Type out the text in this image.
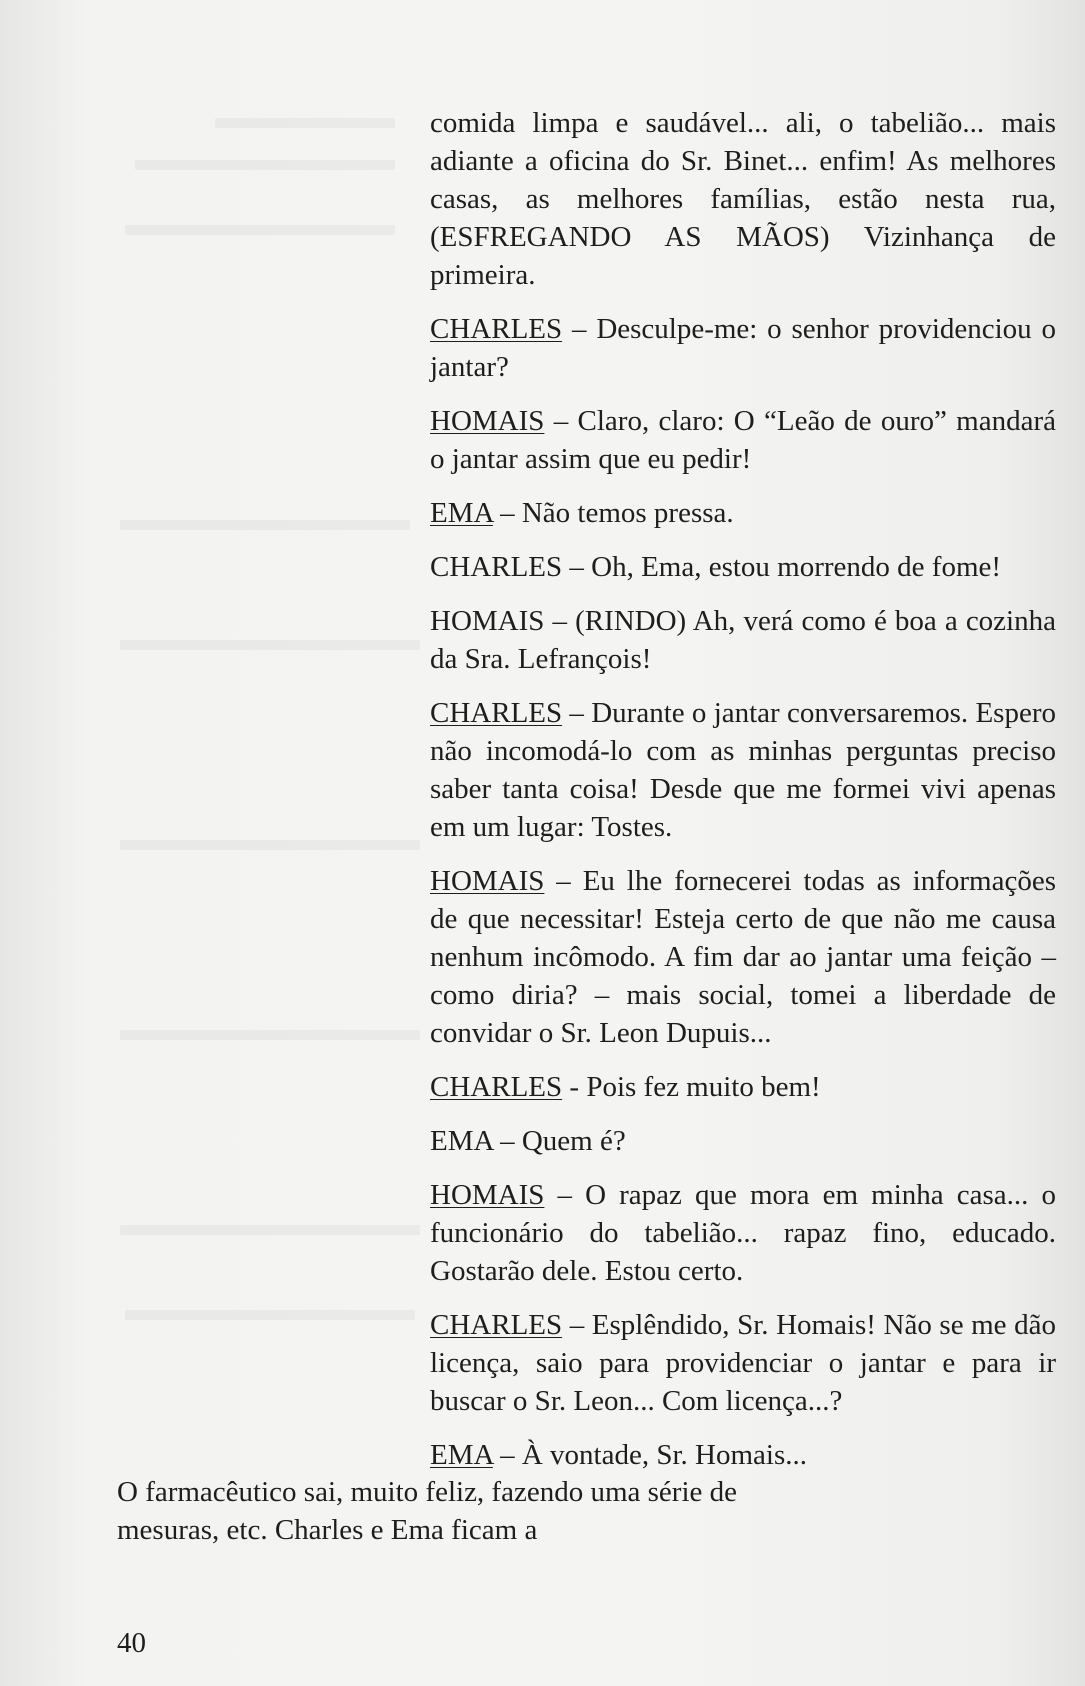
comida limpa e saudável... ali, o tabelião... mais adiante a oficina do Sr. Binet... enfim! As melhores casas, as melhores famílias, estão nesta rua, (ESFREGANDO AS MÃOS) Vizinhança de primeira.

CHARLES – Desculpe-me: o senhor providenciou o jantar?

HOMAIS – Claro, claro: O “Leão de ouro” mandará o jantar assim que eu pedir!

EMA – Não temos pressa.

CHARLES – Oh, Ema, estou morrendo de fome!

HOMAIS – (RINDO) Ah, verá como é boa a cozinha da Sra. Lefrançois!

CHARLES – Durante o jantar conversaremos. Espero não incomodá-lo com as minhas perguntas preciso saber tanta coisa! Desde que me formei vivi apenas em um lugar: Tostes.

HOMAIS – Eu lhe fornecerei todas as informações de que necessitar! Esteja certo de que não me causa nenhum incômodo. A fim dar ao jantar uma feição – como diria? – mais social, tomei a liberdade de convidar o Sr. Leon Dupuis...

CHARLES - Pois fez muito bem!

EMA – Quem é?

HOMAIS – O rapaz que mora em minha casa... o funcionário do tabelião... rapaz fino, educado. Gostarão dele. Estou certo.

CHARLES – Esplêndido, Sr. Homais! Não se me dão licença, saio para providenciar o jantar e para ir buscar o Sr. Leon... Com licença...?

EMA – À vontade, Sr. Homais...

O farmacêutico sai, muito feliz, fazendo uma série de mesuras, etc. Charles e Ema ficam a

40
